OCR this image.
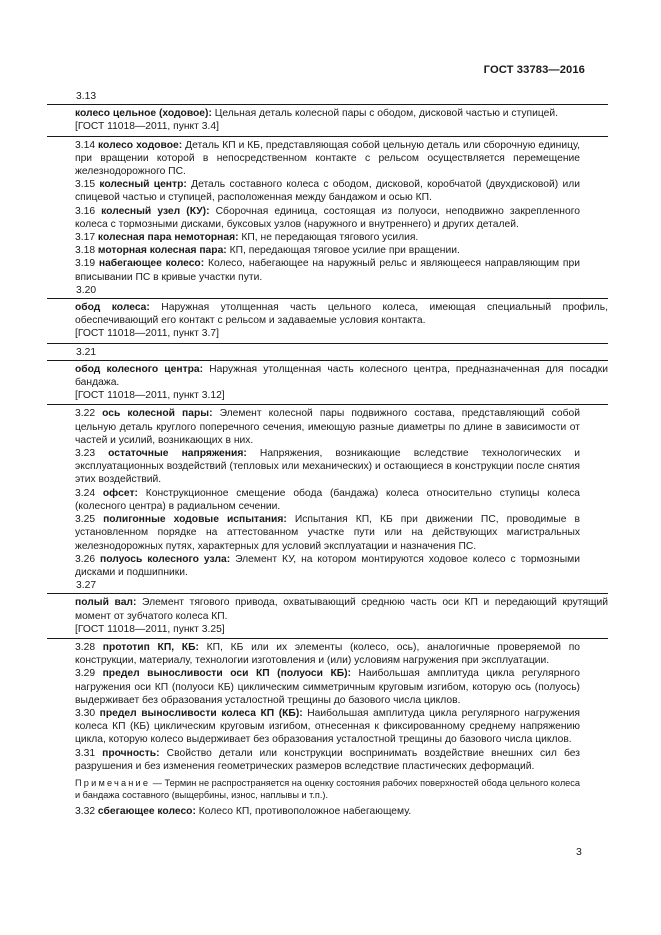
ГОСТ 33783—2016

3.13

колесо цельное (ходовое): Цельная деталь колесной пары с ободом, дисковой частью и ступицей.

[ГОСТ 11018—2011, пункт 3.4]

3.14 колесо ходовое: Деталь КП и КБ, представляющая собой цельную деталь или сборочную единицу, при вращении которой в непосредственном контакте с рельсом осуществляется перемещение железнодорожного ПС.

3.15 колесный центр: Деталь составного колеса с ободом, дисковой, коробчатой (двухдисковой) или спицевой частью и ступицей, расположенная между бандажом и осью КП.

3.16 колесный узел (КУ): Сборочная единица, состоящая из полуоси, неподвижно закрепленного колеса с тормозными дисками, буксовых узлов (наружного и внутреннего) и других деталей.

3.17 колесная пара немоторная: КП, не передающая тягового усилия.

3.18 моторная колесная пара: КП, передающая тяговое усилие при вращении.

3.19 набегающее колесо: Колесо, набегающее на наружный рельс и являющееся направляющим при вписывании ПС в кривые участки пути.

3.20

обод колеса: Наружная утолщенная часть цельного колеса, имеющая специальный профиль, обеспечивающий его контакт с рельсом и задаваемые условия контакта.

[ГОСТ 11018—2011, пункт 3.7]

3.21

обод колесного центра: Наружная утолщенная часть колесного центра, предназначенная для посадки бандажа.

[ГОСТ 11018—2011, пункт 3.12]

3.22 ось колесной пары: Элемент колесной пары подвижного состава, представляющий собой цельную деталь круглого поперечного сечения, имеющую разные диаметры по длине в зависимости от частей и усилий, возникающих в них.

3.23 остаточные напряжения: Напряжения, возникающие вследствие технологических и эксплуатационных воздействий (тепловых или механических) и остающиеся в конструкции после снятия этих воздействий.

3.24 офсет: Конструкционное смещение обода (бандажа) колеса относительно ступицы колеса (колесного центра) в радиальном сечении.

3.25 полигонные ходовые испытания: Испытания КП, КБ при движении ПС, проводимые в установленном порядке на аттестованном участке пути или на действующих магистральных железнодорожных путях, характерных для условий эксплуатации и назначения ПС.

3.26 полуось колесного узла: Элемент КУ, на котором монтируются ходовое колесо с тормозными дисками и подшипники.

3.27

полый вал: Элемент тягового привода, охватывающий среднюю часть оси КП и передающий крутящий момент от зубчатого колеса КП.

[ГОСТ 11018—2011, пункт 3.25]

3.28 прототип КП, КБ: КП, КБ или их элементы (колесо, ось), аналогичные проверяемой по конструкции, материалу, технологии изготовления и (или) условиям нагружения при эксплуатации.

3.29 предел выносливости оси КП (полуоси КБ): Наибольшая амплитуда цикла регулярного нагружения оси КП (полуоси КБ) циклическим симметричным круговым изгибом, которую ось (полуось) выдерживает без образования усталостной трещины до базового числа циклов.

3.30 предел выносливости колеса КП (КБ): Наибольшая амплитуда цикла регулярного нагружения колеса КП (КБ) циклическим круговым изгибом, отнесенная к фиксированному среднему напряжению цикла, которую колесо выдерживает без образования усталостной трещины до базового числа циклов.

3.31 прочность: Свойство детали или конструкции воспринимать воздействие внешних сил без разрушения и без изменения геометрических размеров вследствие пластических деформаций.

Примечание — Термин не распространяется на оценку состояния рабочих поверхностей обода цельного колеса и бандажа составного (выщербины, износ, наплывы и т.п.).

3.32 сбегающее колесо: Колесо КП, противоположное набегающему.

3
